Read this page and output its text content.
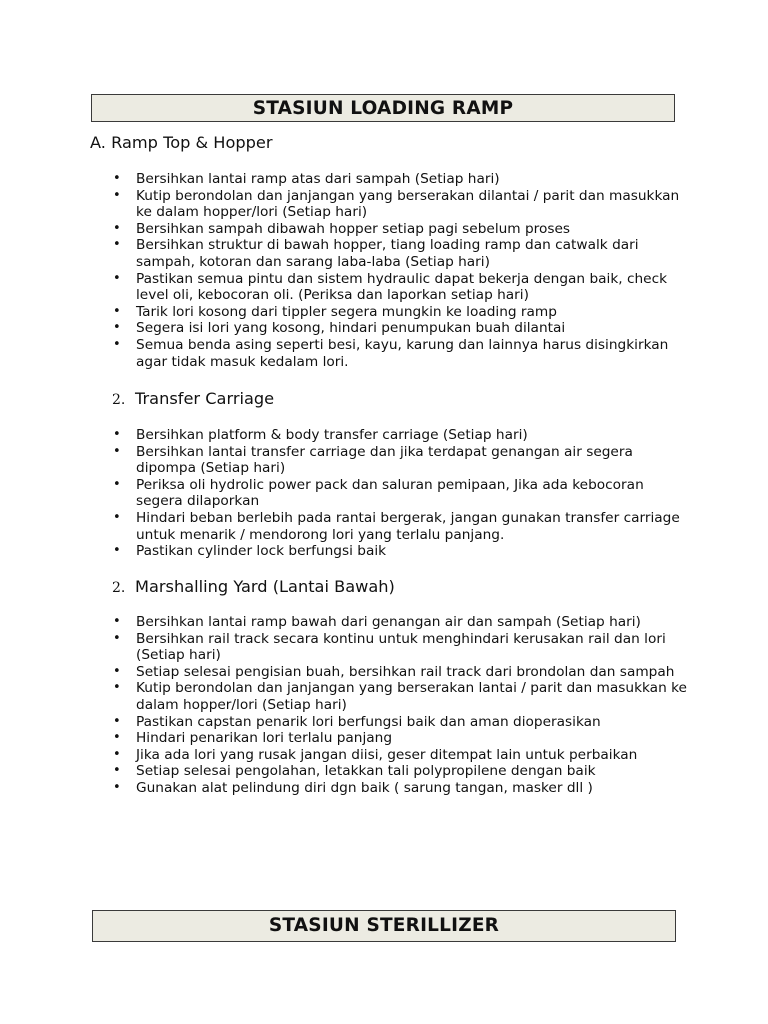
STASIUN LOADING RAMP
A. Ramp Top & Hopper
• Bersihkan lantai ramp atas dari sampah (Setiap hari)
• Kutip berondolan dan janjangan yang berserakan dilantai / parit dan masukkan ke dalam hopper/lori (Setiap hari)
• Bersihkan sampah dibawah hopper setiap pagi sebelum proses
• Bersihkan struktur di bawah hopper, tiang loading ramp dan catwalk dari sampah, kotoran dan sarang laba-laba (Setiap hari)
• Pastikan semua pintu dan sistem hydraulic dapat bekerja dengan baik, check level oli, kebocoran oli. (Periksa dan laporkan setiap hari)
• Tarik lori kosong dari tippler segera mungkin ke loading ramp
• Segera isi lori yang kosong, hindari penumpukan buah dilantai
• Semua benda asing seperti besi, kayu, karung dan lainnya harus disingkirkan agar tidak masuk kedalam lori.
2. Transfer Carriage
• Bersihkan platform & body transfer carriage (Setiap hari)
• Bersihkan lantai transfer carriage dan jika terdapat genangan air segera dipompa (Setiap hari)
• Periksa oli hydrolic power pack dan saluran pemipaan, Jika ada kebocoran segera dilaporkan
• Hindari beban berlebih pada rantai bergerak, jangan gunakan transfer carriage untuk menarik / mendorong lori yang terlalu panjang.
• Pastikan cylinder lock berfungsi baik
2. Marshalling Yard (Lantai Bawah)
• Bersihkan lantai ramp bawah dari genangan air dan sampah (Setiap hari)
• Bersihkan rail track secara kontinu untuk menghindari kerusakan rail dan lori (Setiap hari)
• Setiap selesai pengisian buah, bersihkan rail track dari brondolan dan sampah
• Kutip berondolan dan janjangan yang berserakan lantai / parit dan masukkan ke dalam hopper/lori (Setiap hari)
• Pastikan capstan penarik lori berfungsi baik dan aman dioperasikan
• Hindari penarikan lori terlalu panjang
• Jika ada lori yang rusak jangan diisi, geser ditempat lain untuk perbaikan
• Setiap selesai pengolahan, letakkan tali polypropilene dengan baik
• Gunakan alat pelindung diri dgn baik ( sarung tangan, masker dll )
STASIUN STERILLIZER
